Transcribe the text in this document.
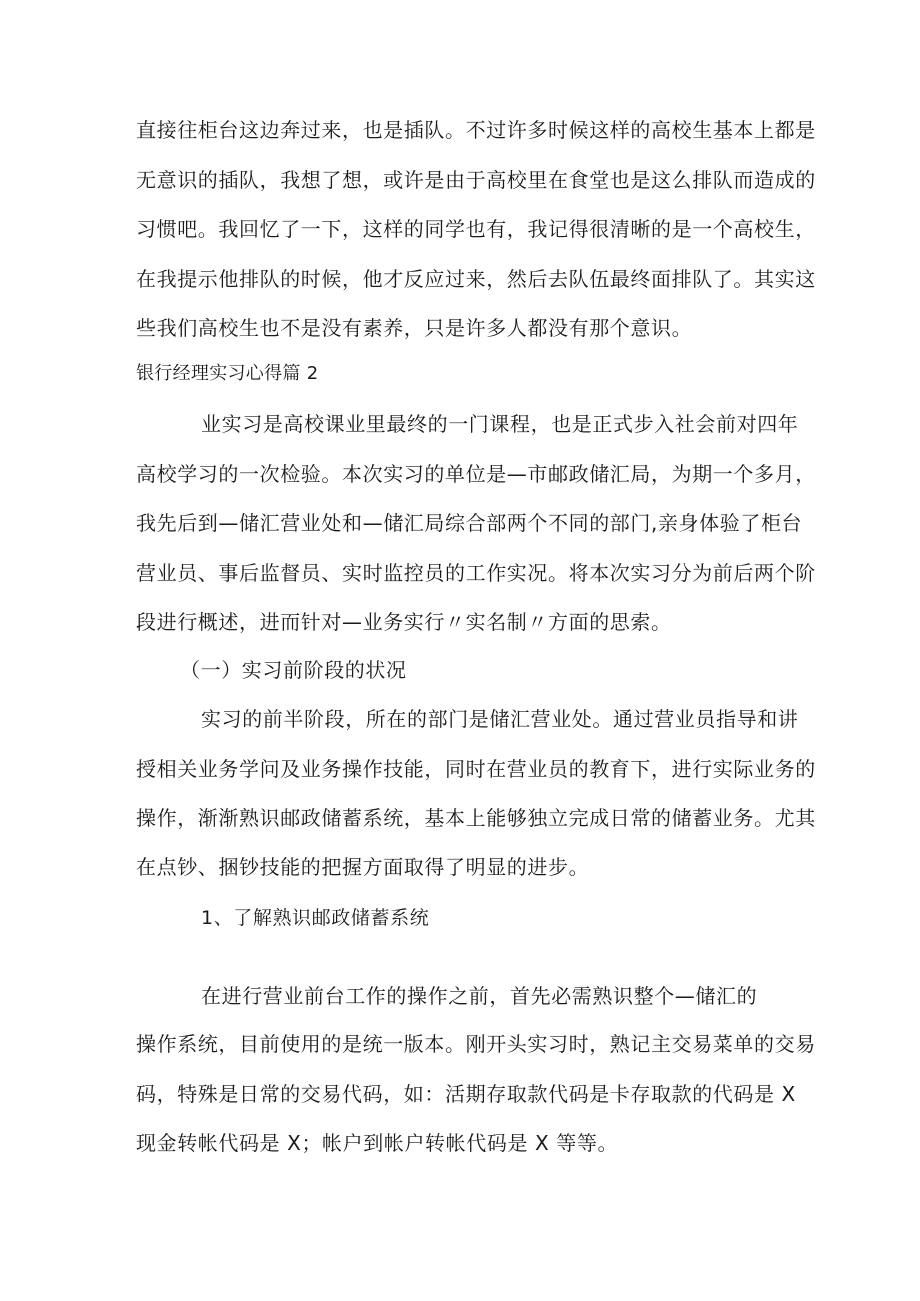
直接往柜台这边奔过来，也是插队。不过许多时候这样的高校生基本上都是
无意识的插队，我想了想，或许是由于高校里在食堂也是这么排队而造成的
习惯吧。我回忆了一下，这样的同学也有，我记得很清晰的是一个高校生，
在我提示他排队的时候，他才反应过来，然后去队伍最终面排队了。其实这
些我们高校生也不是没有素养，只是许多人都没有那个意识。
银行经理实习心得篇 2
业实习是高校课业里最终的一门课程，也是正式步入社会前对四年
高校学习的一次检验。本次实习的单位是—市邮政储汇局，为期一个多月，
我先后到—储汇营业处和—储汇局综合部两个不同的部门,亲身体验了柜台
营业员、事后监督员、实时监控员的工作实况。将本次实习分为前后两个阶
段进行概述，进而针对—业务实行〃实名制〃方面的思索。
（一）实习前阶段的状况
实习的前半阶段，所在的部门是储汇营业处。通过营业员指导和讲
授相关业务学问及业务操作技能，同时在营业员的教育下，进行实际业务的
操作，渐渐熟识邮政储蓄系统，基本上能够独立完成日常的储蓄业务。尤其
在点钞、捆钞技能的把握方面取得了明显的进步。
1、了解熟识邮政储蓄系统
在进行营业前台工作的操作之前，首先必需熟识整个—储汇的
操作系统，目前使用的是统一版本。刚开头实习时，熟记主交易菜单的交易
码，特殊是日常的交易代码，如：活期存取款代码是卡存取款的代码是 X
现金转帐代码是 X；帐户到帐户转帐代码是 X 等等。
